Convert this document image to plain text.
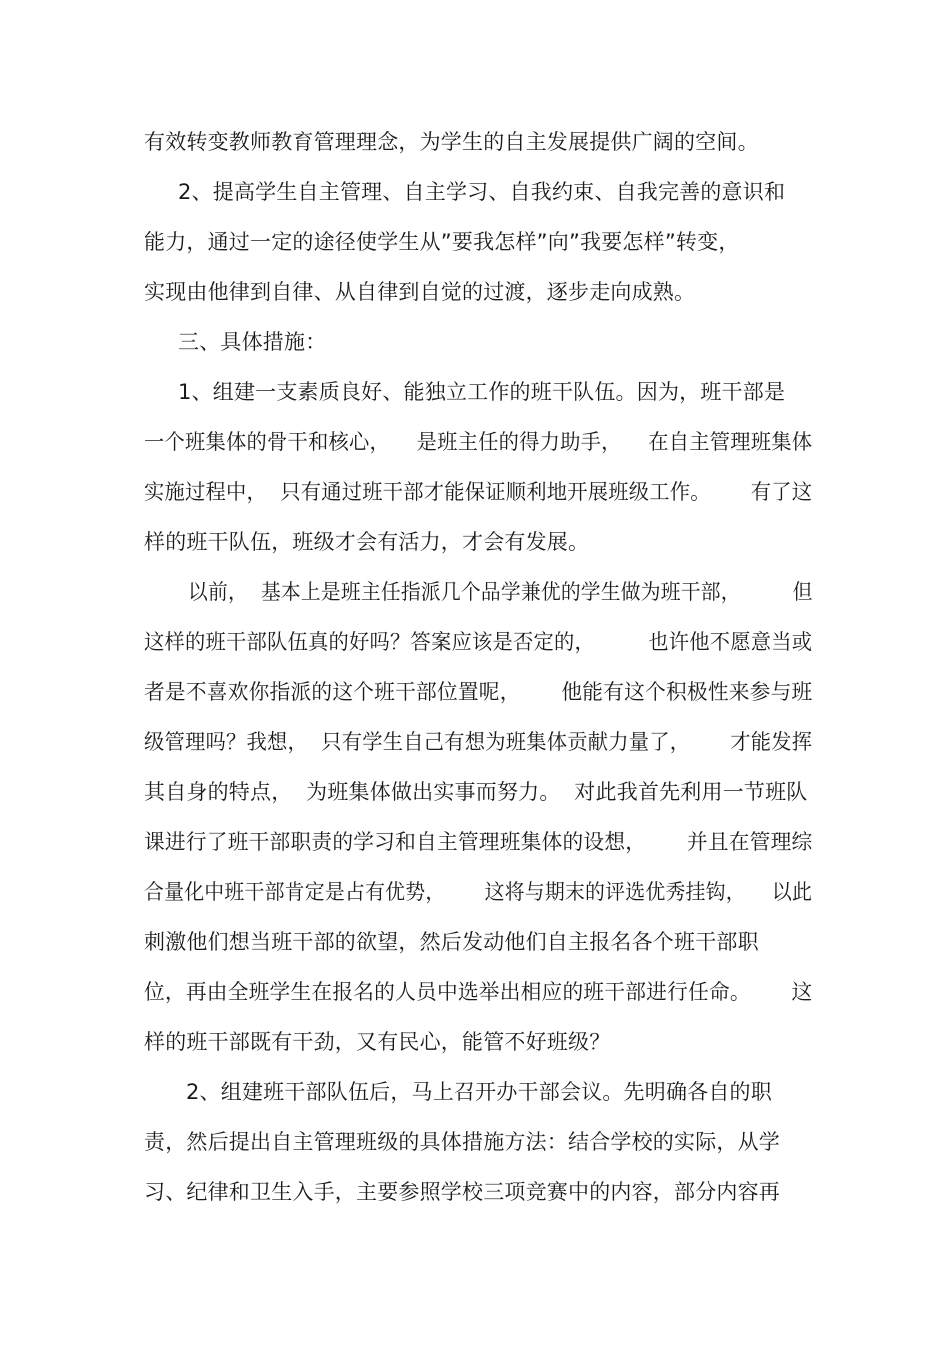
有效转变教师教育管理理念，为学生的自主发展提供广阔的空间。
2、提高学生自主管理、自主学习、自我约束、自我完善的意识和
能力，通过一定的途径使学生从”要我怎样”向”我要怎样”转变，
实现由他律到自律、从自律到自觉的过渡，逐步走向成熟。
三、具体措施：
1、组建一支素质良好、能独立工作的班干队伍。因为，班干部是
一个班集体的骨干和核心，    是班主任的得力助手，    在自主管理班集体
实施过程中，  只有通过班干部才能保证顺利地开展班级工作。      有了这
样的班干队伍，班级才会有活力，才会有发展。
以前，  基本上是班主任指派几个品学兼优的学生做为班干部，        但
这样的班干部队伍真的好吗？答案应该是否定的，        也许他不愿意当或
者是不喜欢你指派的这个班干部位置呢，      他能有这个积极性来参与班
级管理吗？我想，  只有学生自己有想为班集体贡献力量了，      才能发挥
其自身的特点，  为班集体做出实事而努力。  对此我首先利用一节班队
课进行了班干部职责的学习和自主管理班集体的设想，      并且在管理综
合量化中班干部肯定是占有优势，      这将与期末的评选优秀挂钩，    以此
刺激他们想当班干部的欲望，然后发动他们自主报名各个班干部职
位，再由全班学生在报名的人员中选举出相应的班干部进行任命。      这
样的班干部既有干劲，又有民心，能管不好班级？
2、组建班干部队伍后，马上召开办干部会议。先明确各自的职
责，然后提出自主管理班级的具体措施方法：结合学校的实际，从学
习、纪律和卫生入手，主要参照学校三项竞赛中的内容，部分内容再
